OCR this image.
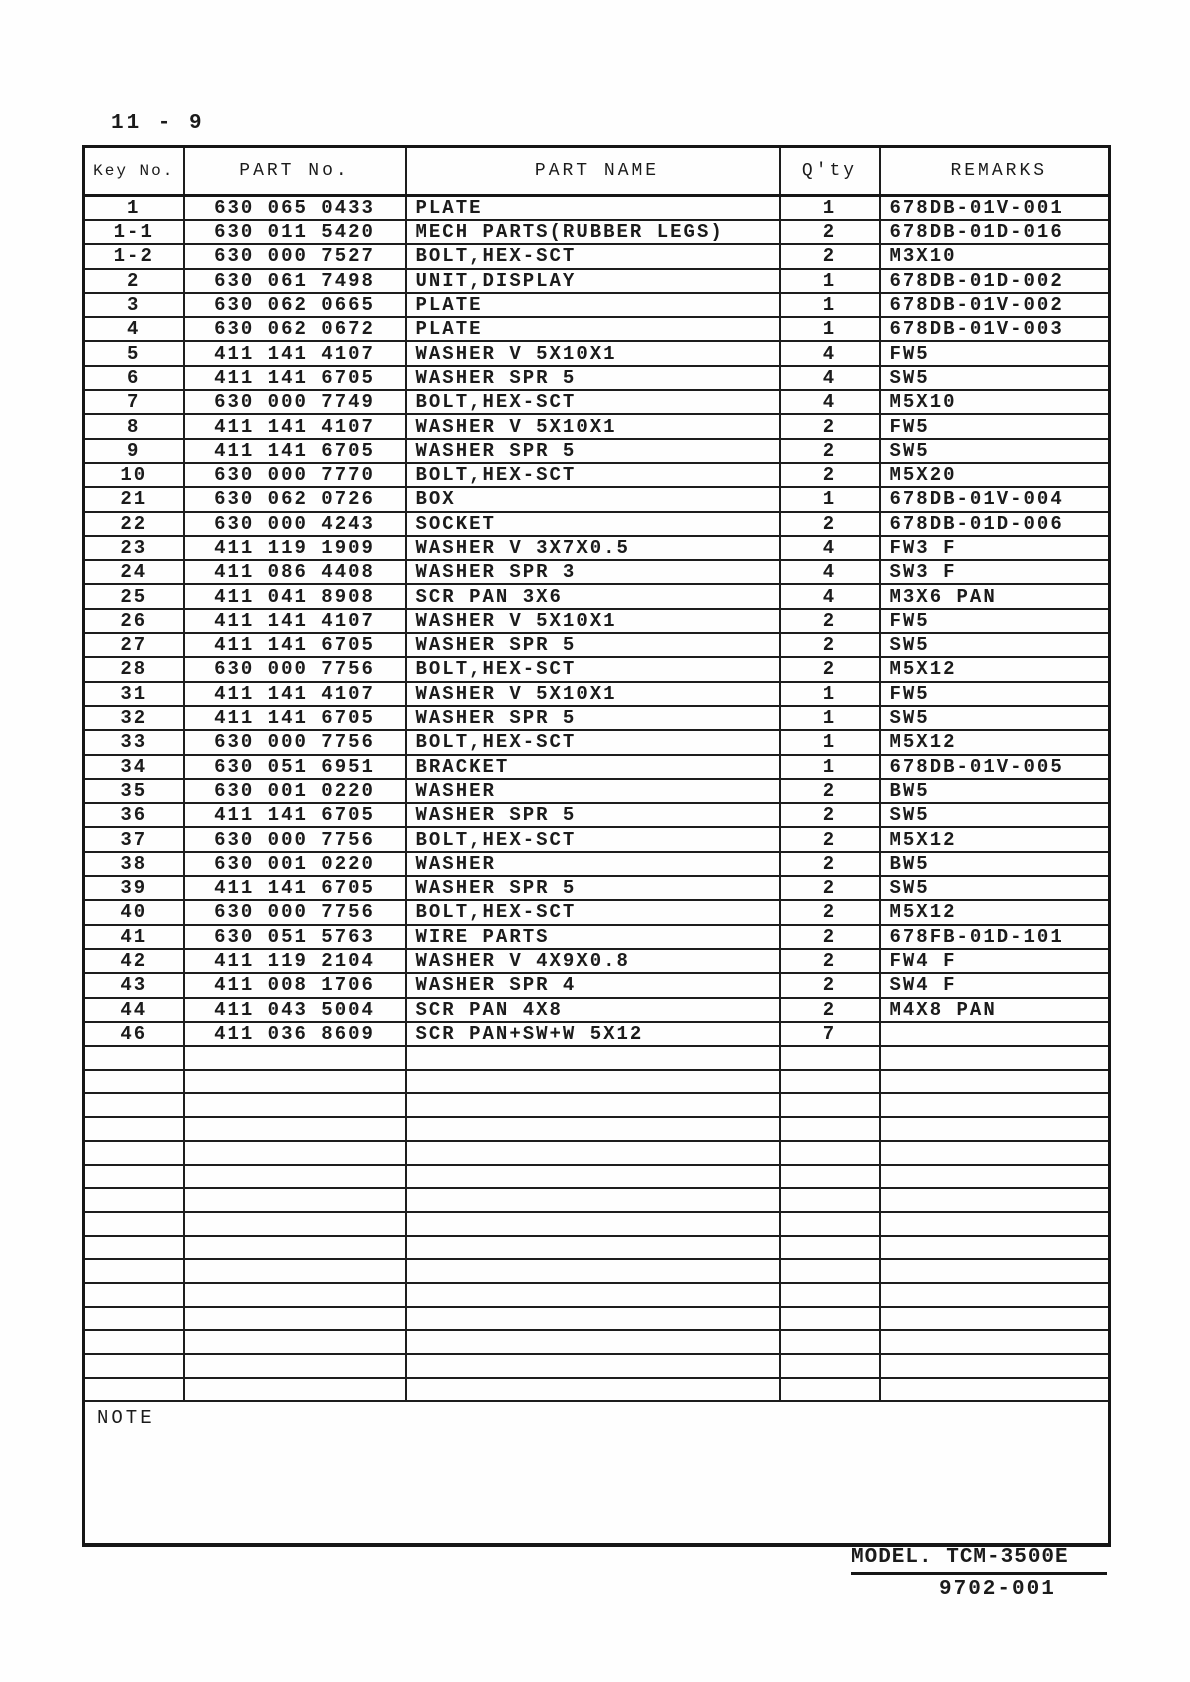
11 - 9
Key No.	PART No.	PART NAME	Q'ty	REMARKS
1	630 065 0433	PLATE	1	678DB-01V-001
1-1	630 011 5420	MECH PARTS(RUBBER LEGS)	2	678DB-01D-016
1-2	630 000 7527	BOLT,HEX-SCT	2	M3X10
2	630 061 7498	UNIT,DISPLAY	1	678DB-01D-002
3	630 062 0665	PLATE	1	678DB-01V-002
4	630 062 0672	PLATE	1	678DB-01V-003
5	411 141 4107	WASHER V 5X10X1	4	FW5
6	411 141 6705	WASHER SPR 5	4	SW5
7	630 000 7749	BOLT,HEX-SCT	4	M5X10
8	411 141 4107	WASHER V 5X10X1	2	FW5
9	411 141 6705	WASHER SPR 5	2	SW5
10	630 000 7770	BOLT,HEX-SCT	2	M5X20
21	630 062 0726	BOX	1	678DB-01V-004
22	630 000 4243	SOCKET	2	678DB-01D-006
23	411 119 1909	WASHER V 3X7X0.5	4	FW3 F
24	411 086 4408	WASHER SPR 3	4	SW3 F
25	411 041 8908	SCR PAN 3X6	4	M3X6 PAN
26	411 141 4107	WASHER V 5X10X1	2	FW5
27	411 141 6705	WASHER SPR 5	2	SW5
28	630 000 7756	BOLT,HEX-SCT	2	M5X12
31	411 141 4107	WASHER V 5X10X1	1	FW5
32	411 141 6705	WASHER SPR 5	1	SW5
33	630 000 7756	BOLT,HEX-SCT	1	M5X12
34	630 051 6951	BRACKET	1	678DB-01V-005
35	630 001 0220	WASHER	2	BW5
36	411 141 6705	WASHER SPR 5	2	SW5
37	630 000 7756	BOLT,HEX-SCT	2	M5X12
38	630 001 0220	WASHER	2	BW5
39	411 141 6705	WASHER SPR 5	2	SW5
40	630 000 7756	BOLT,HEX-SCT	2	M5X12
41	630 051 5763	WIRE PARTS	2	678FB-01D-101
42	411 119 2104	WASHER V 4X9X0.8	2	FW4 F
43	411 008 1706	WASHER SPR 4	2	SW4 F
44	411 043 5004	SCR PAN 4X8	2	M4X8 PAN
46	411 036 8609	SCR PAN+SW+W 5X12	7	

NOTE				
MODEL. TCM-3500E
9702-001
